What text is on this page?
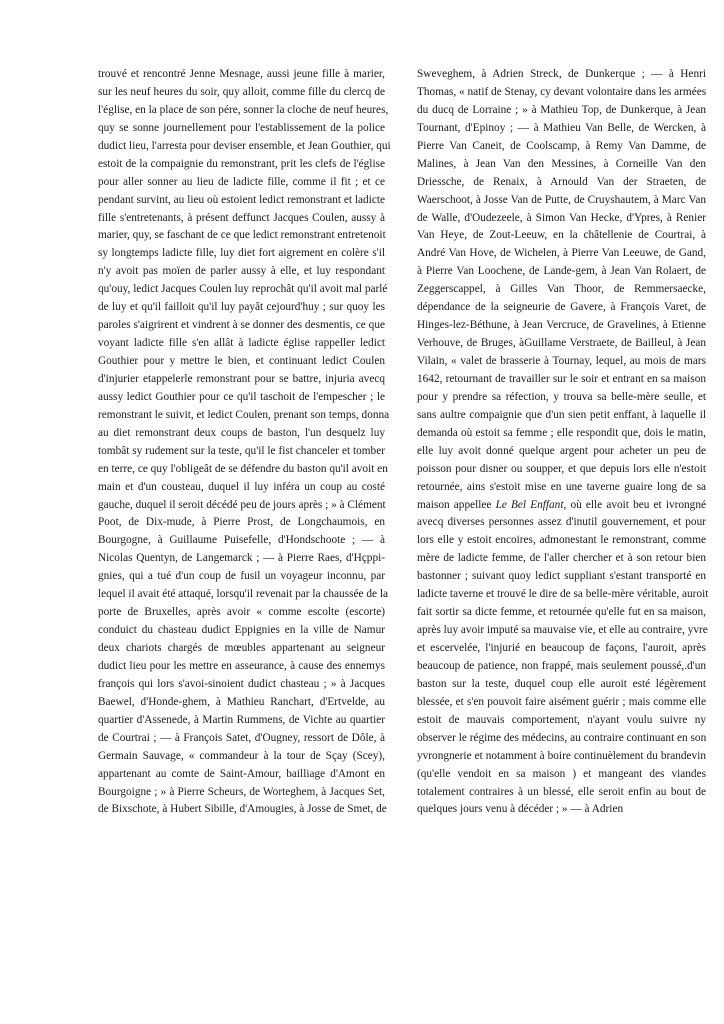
trouvé et rencontré Jenne Mesnage, aussi jeune fille à marier,
sur les neuf heures du soir, quy alloit, comme fille du clercq de
l'église, en la place de son pére, sonner la cloche de neuf heures,
quy se sonne journellement pour l'establissement de la police
dudict lieu, l'arresta pour deviser ensemble, et Jean Gouthier, qui
estoit de la compaignie du remonstrant, prit les clefs de l'église
pour aller sonner au lieu de ladicte fille, comme il fit ; et ce
pendant survint, au lieu où estoient ledict remonstrant et ladicte
fille s'entretenants, à présent deffunct Jacques Coulen, aussy à
marier, quy, se faschant de ce que ledict remonstrant entretenoit
sy longtemps ladicte fille, luy diet fort aigrement en colère s'il
n'y avoit pas moïen de parler aussy à elle, et luy respondant
qu'ouy, ledict Jacques Coulen luy reprochât qu'il avoit mal parlé
de luy et qu'il failloit qu'il luy payât cejourd'huy ; sur quoy les
paroles s'aigrirent et vindrent à se donner des desmentis, ce que
voyant ladicte fille s'en allât à ladicte église rappeller ledict
Gouthier pour y mettre le bien, et continuant ledict Coulen
d'injurier etappelerle remonstrant pour se battre, injuria avecq
aussy ledict Gouthier pour ce qu'il taschoit de l'empescher ; le
remonstrant le suivit, et ledict Coulen, prenant son temps, donna
au diet remonstrant deux coups de baston, l'un desquelz luy
tombât sy rudement sur la teste, qu'il le fist chanceler et tomber
en terre, ce quy l'obligeât de se défendre du baston qu'il avoit en
main et d'un cousteau, duquel il luy inféra un coup au costé
gauche, duquel il seroit décédé peu de jours après ; » à Clément
Poot, de Dix-mude, à Pierre Prost, de Longchaumois, en
Bourgogne, à Guillaume Puisefelle, d'Hondschoote ; — à
Nicolas Quentyn, de Langemarck ; — à Pierre Raes, d'Hçppi-
gnies, qui a tué d'un coup de fusil un voyageur inconnu, par
lequel il avait été attaqué, lorsqu'il revenait par la chaussée de la
porte de Bruxelles, après avoir « comme escolte (escorte)
conduict du chasteau dudict Eppignies en la ville de Namur
deux chariots chargés de mœubles appartenant au seigneur
dudict lieu pour les mettre en asseurance, à cause des ennemys
françois qui lors s'avoi-sinoient dudict chasteau ; » à Jacques
Baewel, d'Honde-ghem, à Mathieu Ranchart, d'Ertvelde, au
quartier d'Assenede, à Martin Rummens, de Vichte au quartier
de Courtrai ; — à François Satet, d'Ougney, ressort de Dôle, à
Germain Sauvage, « commandeur à la tour de Sçay (Scey),
appartenant au comte de Saint-Amour, bailliage d'Amont en
Bourgoigne ; » à Pierre Scheurs, de Worteghem, à Jacques Set,
de Bixschote, à Hubert Sibille, d'Amougies, à Josse de Smet, de
Sweveghem, à Adrien Streck, de Dunkerque ; — à Henri
Thomas, « natif de Stenay, cy devant volontaire dans les armées
du ducq de Lorraine ; » à Mathieu Top, de Dunkerque, à Jean
Tournant, d'Epinoy ; — à Mathieu Van Belle, de Wercken, à
Pierre Van Caneit, de Coolscamp, à Remy Van Damme, de
Malines, à Jean Van den Messines, à Corneille Van den
Driessche, de Renaix, à Arnould Van der Straeten, de
Waerschoot, à Josse Van de Putte, de Cruyshautem, à Marc Van
de Walle, d'Oudezeele, à Simon Van Hecke, d'Ypres, à Renier
Van Heye, de Zout-Leeuw, en la châtellenie de Courtrai, à
André Van Hove, de Wichelen, à Pierre Van Leeuwe, de Gand,
à Pierre Van Loochene, de Lande-gem, à Jean Van Rolaert, de
Zeggerscappel, à Gilles Van Thoor, de Remmersaecke,
dépendance de la seigneurie de Gavere, à François Varet, de
Hinges-lez-Béthune, à Jean Vercruce, de Gravelines, à Etienne
Verhouve, de Bruges, àGuillame Verstraete, de Bailleul, à Jean
Vilain, « valet de brasserie à Tournay, lequel, au mois de mars
1642, retournant de travailler sur le soir et entrant en sa maison
pour y prendre sa réfection, y trouva sa belle-mère seulle, et
sans aultre compaignie que d'un sien petit enffant, à laquelle il
demanda où estoit sa femme ; elle respondit que, dois le matin,
elle luy avoit donné quelque argent pour acheter un peu de
poisson pour disner ou soupper, et que depuis lors elle n'estoit
retournée, ains s'estoit mise en une taverne guaire long de sa
maison appellee Le Bel Enffant, où elle avoit beu et ivrongné
avecq diverses personnes assez d'inutil gouvernement, et pour
lors elle y estoit encoires, admonestant le remonstrant, comme
mère de ladicte femme, de l'aller chercher et à son retour bien
bastonner ; suivant quoy ledict suppliant s'estant transporté en
ladicte taverne et trouvé le dire de sa belle-mère véritable, auroit
fait sortir sa dicte femme, et retournée qu'elle fut en sa maison,
après luy avoir imputé sa mauvaise vie, et elle au contraire, yvre
et escervelée, l'injurié en beaucoup de façons, l'auroit, après
beaucoup de patience, non frappé, mais seulement poussé,.d'un
baston sur la teste, duquel coup elle auroit esté légèrement
blessée, et s'en pouvoit faire aisément guérir ; mais comme elle
estoit de mauvais comportement, n'ayant voulu suivre ny
observer le régime des médecins, au contraire continuant en son
yvrongnerie et notamment à boire continuèlement du brandevin
(qu'elle vendoit en sa maison ) et mangeant des viandes
totalement contraires à un blessé, elle seroit enfin au bout de
quelques jours venu à décéder ; » — à Adrien
